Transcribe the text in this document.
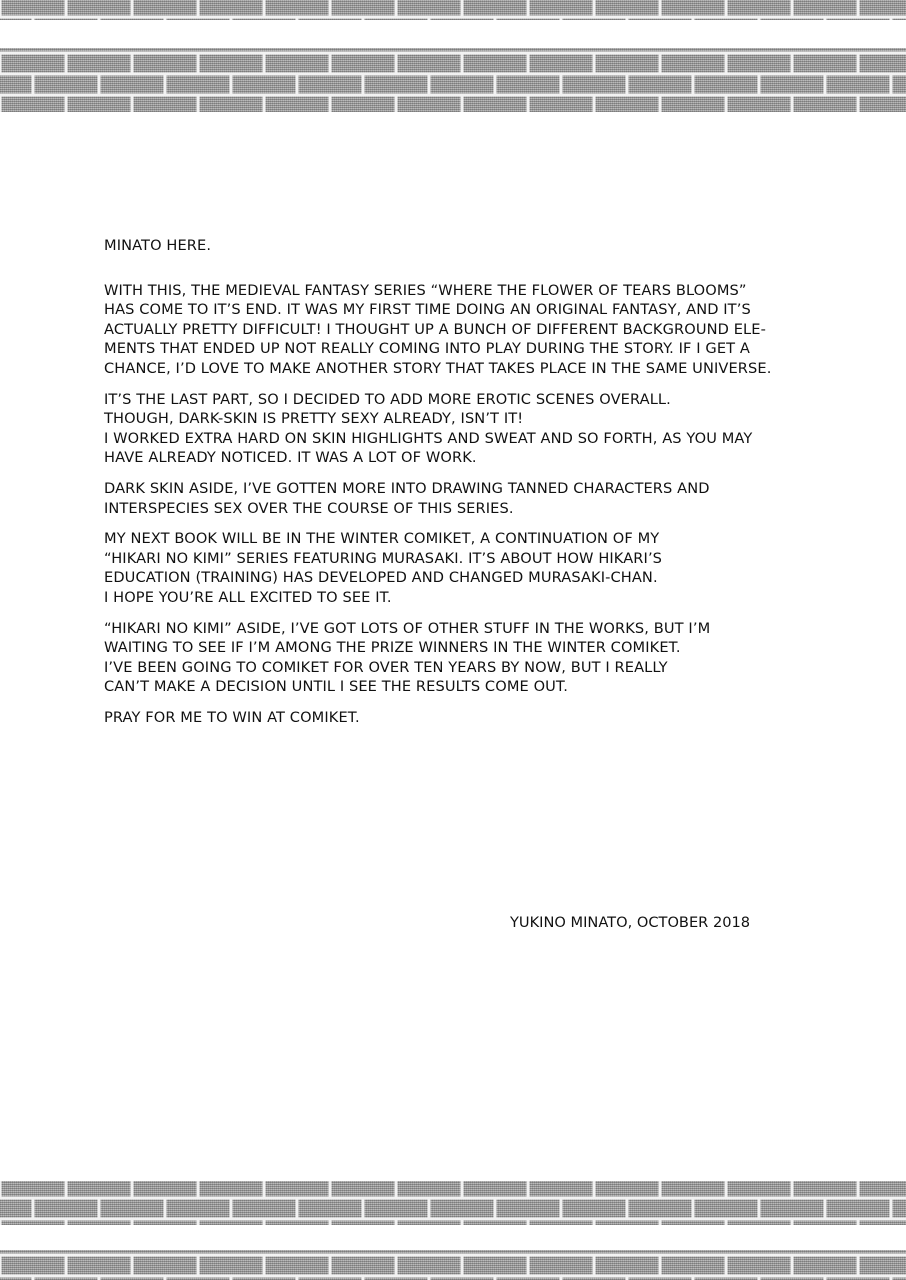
MINATO HERE.
WITH THIS, THE MEDIEVAL FANTASY SERIES “WHERE THE FLOWER OF TEARS BLOOMS”
HAS COME TO IT’S END. IT WAS MY FIRST TIME DOING AN ORIGINAL FANTASY, AND IT’S
ACTUALLY PRETTY DIFFICULT! I THOUGHT UP A BUNCH OF DIFFERENT BACKGROUND ELE-
MENTS THAT ENDED UP NOT REALLY COMING INTO PLAY DURING THE STORY. IF I GET A
CHANCE, I’D LOVE TO MAKE ANOTHER STORY THAT TAKES PLACE IN THE SAME UNIVERSE.
IT’S THE LAST PART, SO I DECIDED TO ADD MORE EROTIC SCENES OVERALL.
THOUGH, DARK-SKIN IS PRETTY SEXY ALREADY, ISN’T IT!
I WORKED EXTRA HARD ON SKIN HIGHLIGHTS AND SWEAT AND SO FORTH, AS YOU MAY
HAVE ALREADY NOTICED. IT WAS A LOT OF WORK.
DARK SKIN ASIDE, I’VE GOTTEN MORE INTO DRAWING TANNED CHARACTERS AND
INTERSPECIES SEX OVER THE COURSE OF THIS SERIES.
MY NEXT BOOK WILL BE IN THE WINTER COMIKET, A CONTINUATION OF MY
“HIKARI NO KIMI” SERIES FEATURING MURASAKI. IT’S ABOUT HOW HIKARI’S
EDUCATION (TRAINING) HAS DEVELOPED AND CHANGED MURASAKI-CHAN.
I HOPE YOU’RE ALL EXCITED TO SEE IT.
“HIKARI NO KIMI” ASIDE, I’VE GOT LOTS OF OTHER STUFF IN THE WORKS, BUT I’M
WAITING TO SEE IF I’M AMONG THE PRIZE WINNERS IN THE WINTER COMIKET.
I’VE BEEN GOING TO COMIKET FOR OVER TEN YEARS BY NOW, BUT I REALLY
CAN’T MAKE A DECISION UNTIL I SEE THE RESULTS COME OUT.
PRAY FOR ME TO WIN AT COMIKET.
YUKINO MINATO, OCTOBER 2018
